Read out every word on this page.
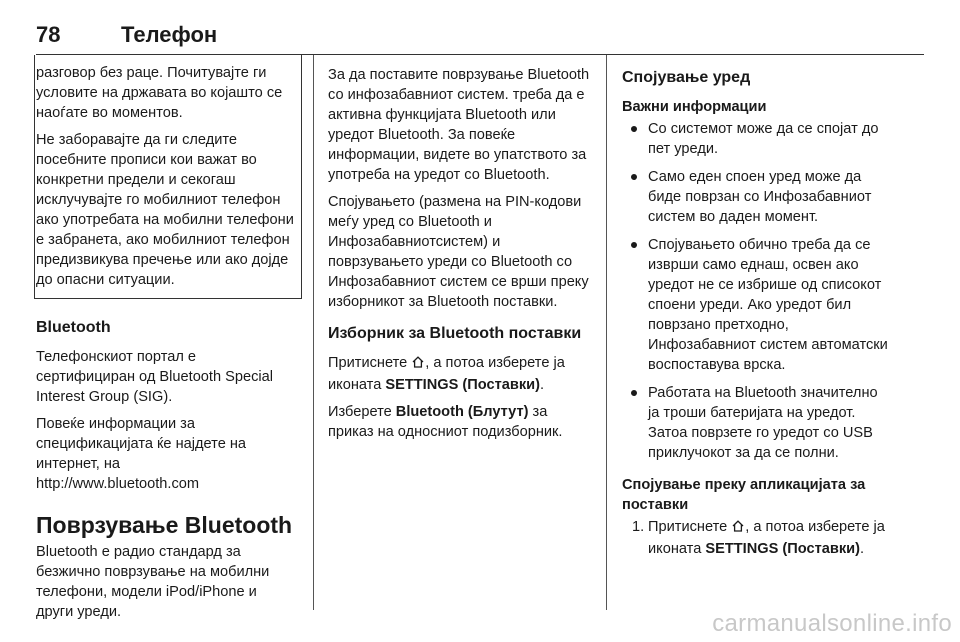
78	Телефон

разговор без раце. Почитувајте ги условите на државата во којашто се наоѓате во моментов.

Не заборавајте да ги следите посебните прописи кои важат во конкретни предели и секогаш исклучувајте го мобилниот телефон ако употребата на мобилни телефони е забранета, ако мобилниот телефон предизвикува пречење или ако дојде до опасни ситуации.

Bluetooth

Телефонскиот портал е сертифициран од Bluetooth Special Interest Group (SIG).

Повеќе информации за спецификацијата ќе најдете на интернет, на

http://www.bluetooth.com

Поврзување Bluetooth

Bluetooth е радио стандард за безжично поврзување на мобилни телефони, модели iPod/iPhone и други уреди.

За да поставите поврзување Bluetooth со инфозабавниот систем. треба да е активна функцијата Bluetooth или уредот Bluetooth. За повеќе информации, видете во упатството за употреба на уредот со Bluetooth.

Спојувањето (размена на PIN-кодови меѓу уред со Bluetooth и Инфозабавниотсистем) и поврзувањето уреди со Bluetooth со Инфозабавниот систем се врши преку изборникот за Bluetooth поставки.

Изборник за Bluetooth поставки

Притиснете , а потоа изберете ја иконата SETTINGS (Поставки).

Изберете Bluetooth (Блутут) за приказ на односниот подизборник.

Спојување уред
Важни информации
Со системот може да се спојат до пет уреди.
Само еден споен уред може да биде поврзан со Инфозабавниот систем во даден момент.
Спојувањето обично треба да се изврши само еднаш, освен ако уредот не се избрише од списокот споени уреди. Ако уредот бил поврзано претходно, Инфозабавниот систем автоматски воспоставува врска.
Работата на Bluetooth значително ја троши батеријата на уредот. Затоа поврзете го уредот со USB приклучокот за да се полни.
Спојување преку апликацијата за поставки
1. Притиснете , а потоа изберете ја иконата SETTINGS (Поставки).
carmanualsonline.info
